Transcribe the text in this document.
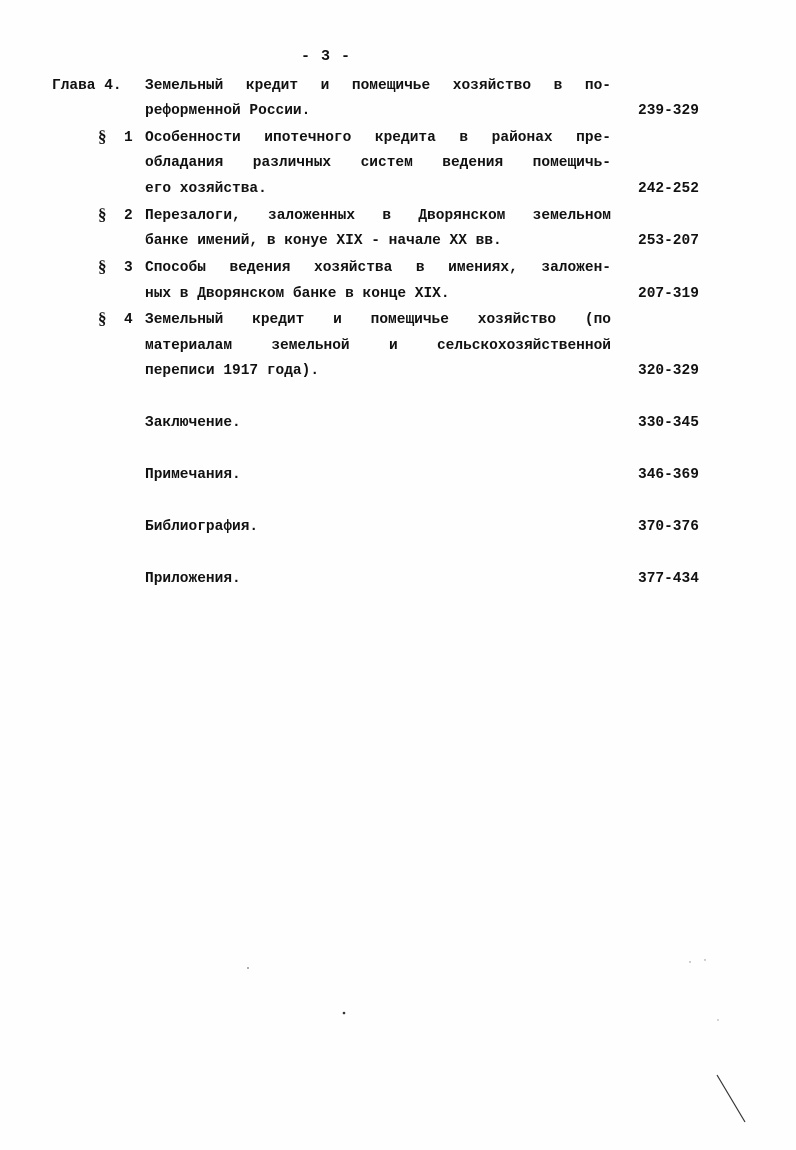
- 3 -
Глава 4. Земельный кредит и помещичье хозяйство в по-
реформенной России.	239-329
§ 1 Особенности ипотечного кредита в районах пре-
обладания различных систем ведения помещичь-
его хозяйства.	242-252
§ 2 Перезалоги, заложенных в Дворянском земельном
банке имений, в конуе XIX - начале XX вв.	253-207
§ 3 Способы ведения хозяйства в имениях, заложен-
ных в Дворянском банке в конце XIX.	207-319
§ 4 Земельный кредит и помещичье хозяйство (по
материалам земельной и сельскохозяйственной
переписи 1917 года).	320-329
Заключение.	330-345
Примечания.	346-369
Библиография.	370-376
Приложения.	377-434
